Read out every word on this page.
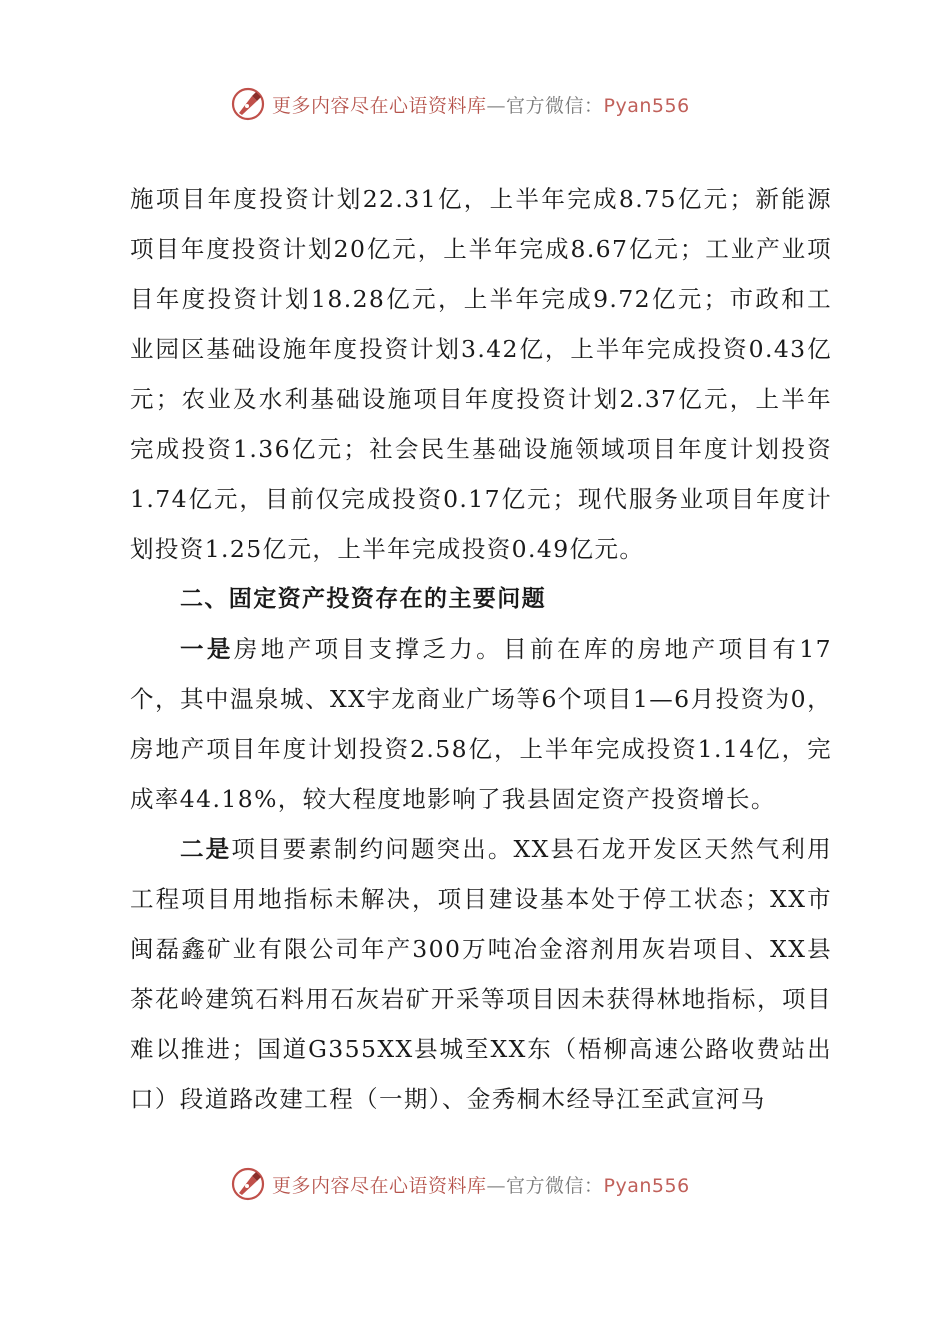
更多内容尽在心语资料库—官方微信：Pyan556

施项目年度投资计划22.31亿，上半年完成8.75亿元；新能源项目年度投资计划20亿元，上半年完成8.67亿元；工业产业项目年度投资计划18.28亿元，上半年完成9.72亿元；市政和工业园区基础设施年度投资计划3.42亿，上半年完成投资0.43亿元；农业及水利基础设施项目年度投资计划2.37亿元，上半年完成投资1.36亿元；社会民生基础设施领域项目年度计划投资1.74亿元，目前仅完成投资0.17亿元；现代服务业项目年度计划投资1.25亿元，上半年完成投资0.49亿元。

二、固定资产投资存在的主要问题

一是房地产项目支撑乏力。目前在库的房地产项目有17个，其中温泉城、XX宇龙商业广场等6个项目1—6月投资为0，房地产项目年度计划投资2.58亿，上半年完成投资1.14亿，完成率44.18%，较大程度地影响了我县固定资产投资增长。

二是项目要素制约问题突出。XX县石龙开发区天然气利用工程项目用地指标未解决，项目建设基本处于停工状态；XX市闽磊鑫矿业有限公司年产300万吨冶金溶剂用灰岩项目、XX县茶花岭建筑石料用石灰岩矿开采等项目因未获得林地指标，项目难以推进；国道G355XX县城至XX东（梧柳高速公路收费站出口）段道路改建工程（一期）、金秀桐木经导江至武宣河马

更多内容尽在心语资料库—官方微信：Pyan556
